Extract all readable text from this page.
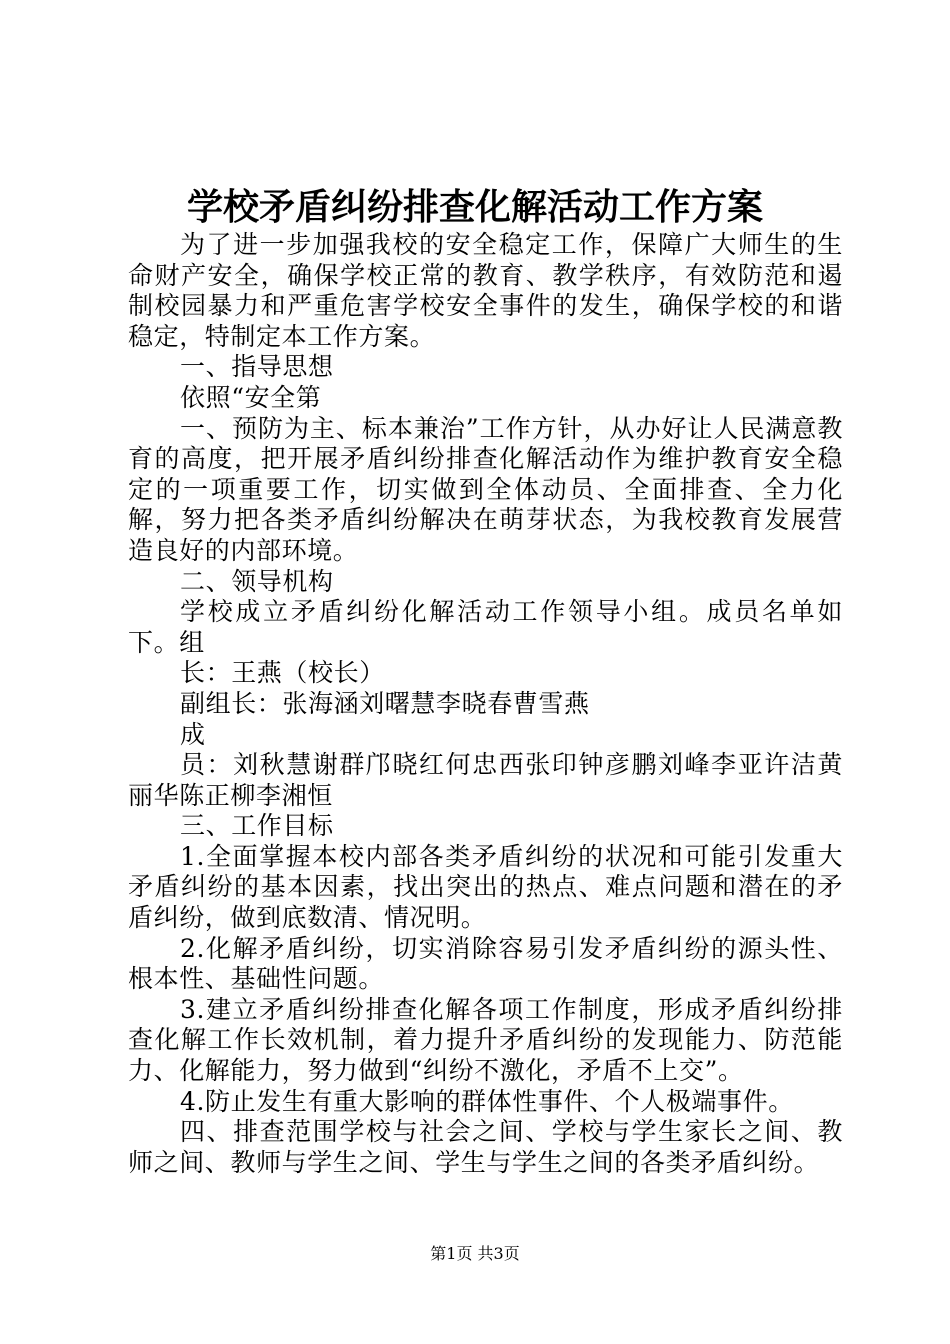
学校矛盾纠纷排查化解活动工作方案

为了进一步加强我校的安全稳定工作，保障广大师生的生命财产安全，确保学校正常的教育、教学秩序，有效防范和遏制校园暴力和严重危害学校安全事件的发生，确保学校的和谐稳定，特制定本工作方案。

一、指导思想

依照“安全第

一、预防为主、标本兼治”工作方针，从办好让人民满意教育的高度，把开展矛盾纠纷排查化解活动作为维护教育安全稳定的一项重要工作，切实做到全体动员、全面排查、全力化解，努力把各类矛盾纠纷解决在萌芽状态，为我校教育发展营造良好的内部环境。

二、领导机构

学校成立矛盾纠纷化解活动工作领导小组。成员名单如下。组

长：王燕（校长）

副组长：张海涵刘曙慧李晓春曹雪燕

成

员：刘秋慧谢群邝晓红何忠西张印钟彦鹏刘峰李亚许洁黄丽华陈正柳李湘恒

三、工作目标

1.全面掌握本校内部各类矛盾纠纷的状况和可能引发重大矛盾纠纷的基本因素，找出突出的热点、难点问题和潜在的矛盾纠纷，做到底数清、情况明。

2.化解矛盾纠纷，切实消除容易引发矛盾纠纷的源头性、根本性、基础性问题。

3.建立矛盾纠纷排查化解各项工作制度，形成矛盾纠纷排查化解工作长效机制，着力提升矛盾纠纷的发现能力、防范能力、化解能力，努力做到“纠纷不激化，矛盾不上交”。

4.防止发生有重大影响的群体性事件、个人极端事件。

四、排查范围学校与社会之间、学校与学生家长之间、教师之间、教师与学生之间、学生与学生之间的各类矛盾纠纷。

第1页 共3页
